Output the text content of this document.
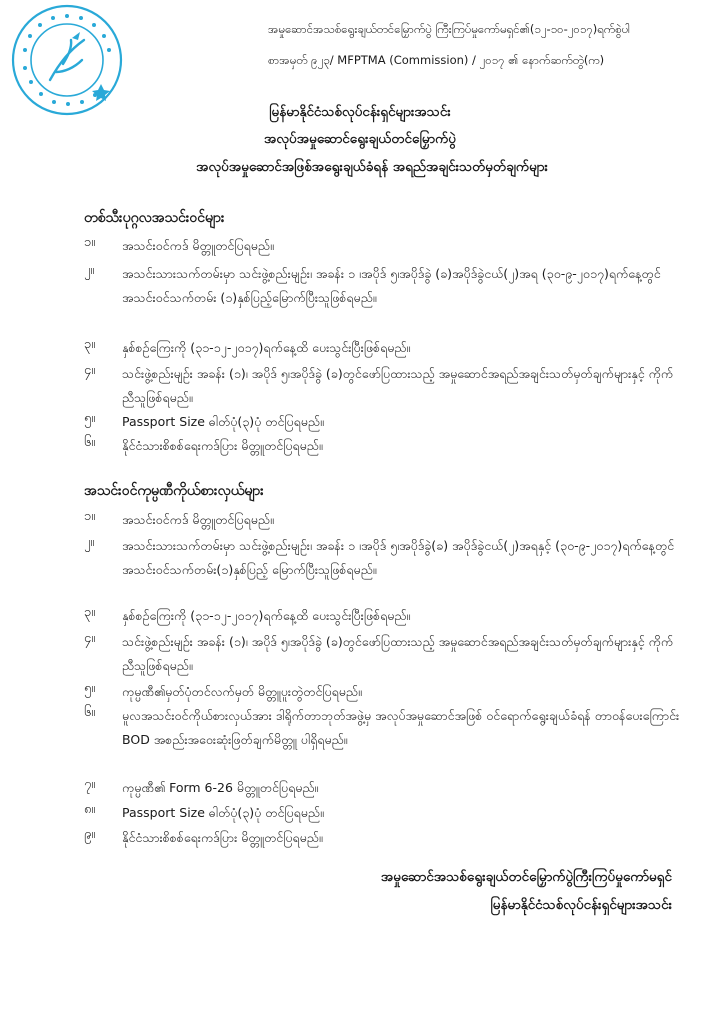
အမှုဆောင်အသစ်ရွေးချယ်တင်မြှောက်ပွဲ ကြီးကြပ်မှုကော်မရှင်၏(၁၂-၁၀-၂၀၁၇)ရက်စွဲပါ
စာအမှတ် ၉၂၃/ MFPTMA (Commission) / ၂၀၁၇ ၏ နောက်ဆက်တွဲ(က)
မြန်မာနိုင်ငံသစ်လုပ်ငန်းရှင်များအသင်း
အလုပ်အမှုဆောင်ရွေးချယ်တင်မြှောက်ပွဲ
အလုပ်အမှုဆောင်အဖြစ်အရွေးချယ်ခံရန် အရည်အချင်းသတ်မှတ်ချက်များ
တစ်သီးပုဂ္ဂလအသင်းဝင်များ
၁။ အသင်းဝင်ကဒ် မိတ္တူတင်ပြရမည်။
၂။ အသင်းသားသက်တမ်းမှာ သင်းဖွဲ့စည်းမျဉ်း၊ အခန်း ၁ ၊အပိုဒ် ၅၊အပိုဒ်ခွဲ (ခ)အပိုဒ်ခွဲငယ်(၂)အရ (၃၀-၉-၂၀၁၇)ရက်နေ့တွင်အသင်းဝင်သက်တမ်း (၁)နှစ်ပြည့်မြောက်ပြီးသူဖြစ်ရမည်။
၃။ နှစ်စဉ်ကြေးကို (၃၁-၁၂-၂၀၁၇)ရက်နေ့ထိ ပေးသွင်းပြီးဖြစ်ရမည်။
၄။ သင်းဖွဲ့စည်းမျဉ်း အခန်း (၁)၊ အပိုဒ် ၅၊အပိုဒ်ခွဲ (ခ)တွင်ဖော်ပြထားသည့် အမှုဆောင်အရည်အချင်းသတ်မှတ်ချက်များနှင့် ကိုက်ညီသူဖြစ်ရမည်။
၅။ Passport Size ဓါတ်ပုံ(၃)ပုံ တင်ပြရမည်။
၆။ နိုင်ငံသားစိစစ်ရေးကဒ်ပြား မိတ္တူတင်ပြရမည်။
အသင်းဝင်ကုမ္ပဏီကိုယ်စားလှယ်များ
၁။ အသင်းဝင်ကဒ် မိတ္တူတင်ပြရမည်။
၂။ အသင်းသားသက်တမ်းမှာ သင်းဖွဲ့စည်းမျဉ်း၊ အခန်း ၁ ၊အပိုဒ် ၅၊အပိုဒ်ခွဲ(ခ) အပိုဒ်ခွဲငယ်(၂)အရနှင့် (၃၀-၉-၂၀၁၇)ရက်နေ့တွင်အသင်းဝင်သက်တမ်း(၁)နှစ်ပြည့် မြောက်ပြီးသူဖြစ်ရမည်။
၃။ နှစ်စဉ်ကြေးကို (၃၁-၁၂-၂၀၁၇)ရက်နေ့ထိ ပေးသွင်းပြီးဖြစ်ရမည်။
၄။ သင်းဖွဲ့စည်းမျဉ်း အခန်း (၁)၊ အပိုဒ် ၅၊အပိုဒ်ခွဲ (ခ)တွင်ဖော်ပြထားသည့် အမှုဆောင်အရည်အချင်းသတ်မှတ်ချက်များနှင့် ကိုက်ညီသူဖြစ်ရမည်။
၅။ ကုမ္ပဏီ၏မှတ်ပုံတင်လက်မှတ် မိတ္တူပူးတွဲတင်ပြရမည်။
၆။ မူလအသင်းဝင်ကိုယ်စားလှယ်အား ဒါရိုက်တာဘုတ်အဖွဲ့မှ အလုပ်အမှုဆောင်အဖြစ် ဝင်ရောက်ရွေးချယ်ခံရန် တာဝန်ပေးကြောင်း BOD အစည်းအဝေးဆုံးဖြတ်ချက်မိတ္တူ ပါရှိရမည်။
၇။ ကုမ္ပဏီ၏ Form 6-26 မိတ္တူတင်ပြရမည်။
၈။ Passport Size ဓါတ်ပုံ(၃)ပုံ တင်ပြရမည်။
၉။ နိုင်ငံသားစိစစ်ရေးကဒ်ပြား မိတ္တူတင်ပြရမည်။
အမှုဆောင်အသစ်ရွေးချယ်တင်မြှောက်ပွဲကြီးကြပ်မှုကော်မရှင်
မြန်မာနိုင်ငံသစ်လုပ်ငန်းရှင်များအသင်း
